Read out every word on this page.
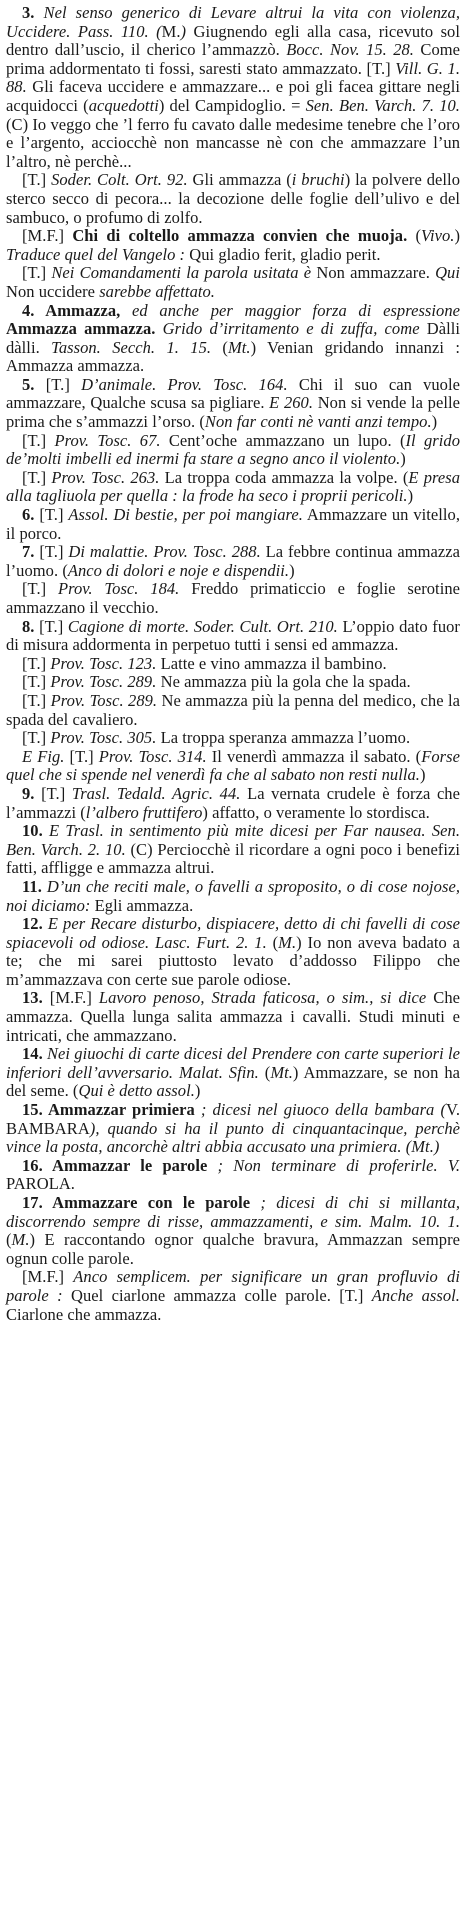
3. Nel senso generico di Levare altrui la vita con violenza, Uccidere. Pass. 110. (M.) Giugnendo egli alla casa, ricevuto sol dentro dall’uscio, il cherico l’ammazzò. Bocc. Nov. 15. 28. Come prima addormentato ti fossi, saresti stato ammazzato. [T.] Vill. G. 1. 88. Gli faceva uccidere e ammazzare... e poi gli facea gittare negli acquidocci (acquedotti) del Campidoglio. = Sen. Ben. Varch. 7. 10. (C) Io veggo che ’l ferro fu cavato dalle medesime tenebre che l’oro e l’argento, acciocchè non mancasse nè con che ammazzare l’un l’altro, nè perchè...

[T.] Soder. Colt. Ort. 92. Gli ammazza (i bruchi) la polvere dello sterco secco di pecora... la decozione delle foglie dell’ulivo e del sambuco, o profumo di zolfo.

[M.F.] Chi di coltello ammazza convien che muoja. (Vivo.) Traduce quel del Vangelo : Qui gladio ferit, gladio perit.

[T.] Nei Comandamenti la parola usitata è Non ammazzare. Qui Non uccidere sarebbe affettato.

4. Ammazza, ed anche per maggior forza di espressione Ammazza ammazza. Grido d’irritamento e di zuffa, come Dàlli dàlli. Tasson. Secch. 1. 15. (Mt.) Venian gridando innanzi : Ammazza ammazza.

5. [T.] D’animale. Prov. Tosc. 164. Chi il suo can vuole ammazzare, Qualche scusa sa pigliare. E 260. Non si vende la pelle prima che s’ammazzi l’orso. (Non far conti nè vanti anzi tempo.)

[T.] Prov. Tosc. 67. Cent’oche ammazzano un lupo. (Il grido de’molti imbelli ed inermi fa stare a segno anco il violento.)

[T.] Prov. Tosc. 263. La troppa coda ammazza la volpe. (E presa alla tagliuola per quella : la frode ha seco i proprii pericoli.)

6. [T.] Assol. Di bestie, per poi mangiare. Ammazzare un vitello, il porco.

7. [T.] Di malattie. Prov. Tosc. 288. La febbre continua ammazza l’uomo. (Anco di dolori e noje e dispendii.)

[T.] Prov. Tosc. 184. Freddo primaticcio e foglie serotine ammazzano il vecchio.

8. [T.] Cagione di morte. Soder. Cult. Ort. 210. L’oppio dato fuor di misura addormenta in perpetuo tutti i sensi ed ammazza.

[T.] Prov. Tosc. 123. Latte e vino ammazza il bambino.

[T.] Prov. Tosc. 289. Ne ammazza più la gola che la spada.

[T.] Prov. Tosc. 289. Ne ammazza più la penna del medico, che la spada del cavaliero.

[T.] Prov. Tosc. 305. La troppa speranza ammazza l’uomo.

E Fig. [T.] Prov. Tosc. 314. Il venerdì ammazza il sabato. (Forse quel che si spende nel venerdì fa che al sabato non resti nulla.)

9. [T.] Trasl. Tedald. Agric. 44. La vernata crudele è forza che l’ammazzi (l’albero fruttifero) affatto, o veramente lo stordisca.

10. E Trasl. in sentimento più mite dicesi per Far nausea. Sen. Ben. Varch. 2. 10. (C) Perciocchè il ricordare a ogni poco i benefizi fatti, affligge e ammazza altrui.

11. D’un che reciti male, o favelli a sproposito, o di cose nojose, noi diciamo: Egli ammazza.

12. E per Recare disturbo, dispiacere, detto di chi favelli di cose spiacevoli od odiose. Lasc. Furt. 2. 1. (M.) Io non aveva badato a te; che mi sarei piuttosto levato d’addosso Filippo che m’ammazzava con certe sue parole odiose.

13. [M.F.] Lavoro penoso, Strada faticosa, o sim., si dice Che ammazza. Quella lunga salita ammazza i cavalli. Studi minuti e intricati, che ammazzano.

14. Nei giuochi di carte dicesi del Prendere con carte superiori le inferiori dell’avversario. Malat. Sfin. (Mt.) Ammazzare, se non ha del seme. (Qui è detto assol.)

15. Ammazzar primiera ; dicesi nel giuoco della bambara (V. BAMBARA), quando si ha il punto di cinquantacinque, perchè vince la posta, ancorchè altri abbia accusato una primiera. (Mt.)

16. Ammazzar le parole ; Non terminare di proferirle. V. PAROLA.

17. Ammazzare con le parole ; dicesi di chi si millanta, discorrendo sempre di risse, ammazzamenti, e sim. Malm. 10. 1. (M.) E raccontando ognor qualche bravura, Ammazzan sempre ognun colle parole.

[M.F.] Anco semplicem. per significare un gran profluvio di parole : Quel ciarlone ammazza colle parole. [T.] Anche assol. Ciarlone che ammazza.
